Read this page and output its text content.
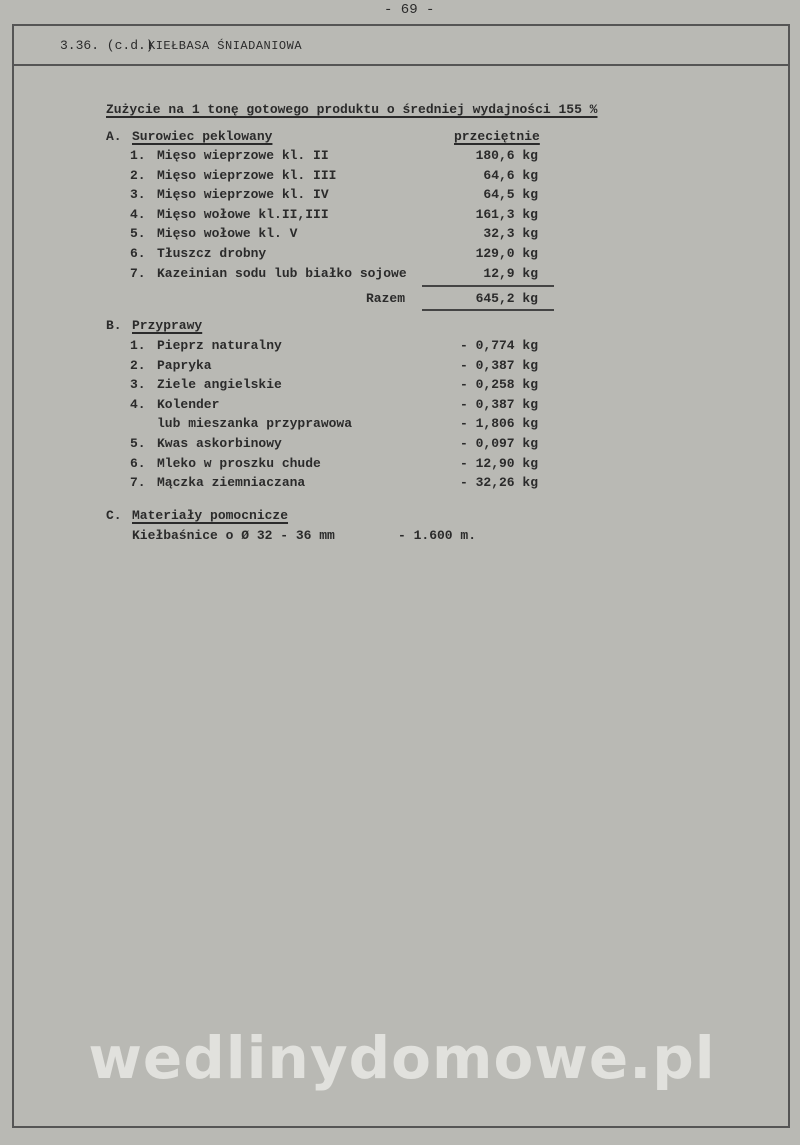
- 69 -
3.36. (c.d.)
KIEŁBASA ŚNIADANIOWA
Zużycie na 1 tonę gotowego produktu o średniej wydajności 155 %
A. Surowiec peklowany	przeciętnie
1. Mięso wieprzowe kl. II	180,6 kg
2. Mięso wieprzowe kl. III	64,6 kg
3. Mięso wieprzowe kl. IV	64,5 kg
4. Mięso wołowe kl.II,III	161,3 kg
5. Mięso wołowe kl. V	32,3 kg
6. Tłuszcz drobny	129,0 kg
7. Kazeinian sodu lub białko sojowe	12,9 kg
Razem	645,2 kg
B. Przyprawy
1. Pieprz naturalny	- 0,774 kg
2. Papryka	- 0,387 kg
3. Ziele angielskie	- 0,258 kg
4. Kolender	- 0,387 kg
lub mieszanka przyprawowa	- 1,806 kg
5. Kwas askorbinowy	- 0,097 kg
6. Mleko w proszku chude	- 12,90 kg
7. Mączka ziemniaczana	- 32,26 kg
C. Materiały pomocnicze
Kiełbaśnice o Ø 32 - 36 mm	- 1.600 m.
wedlinydomowe.pl
